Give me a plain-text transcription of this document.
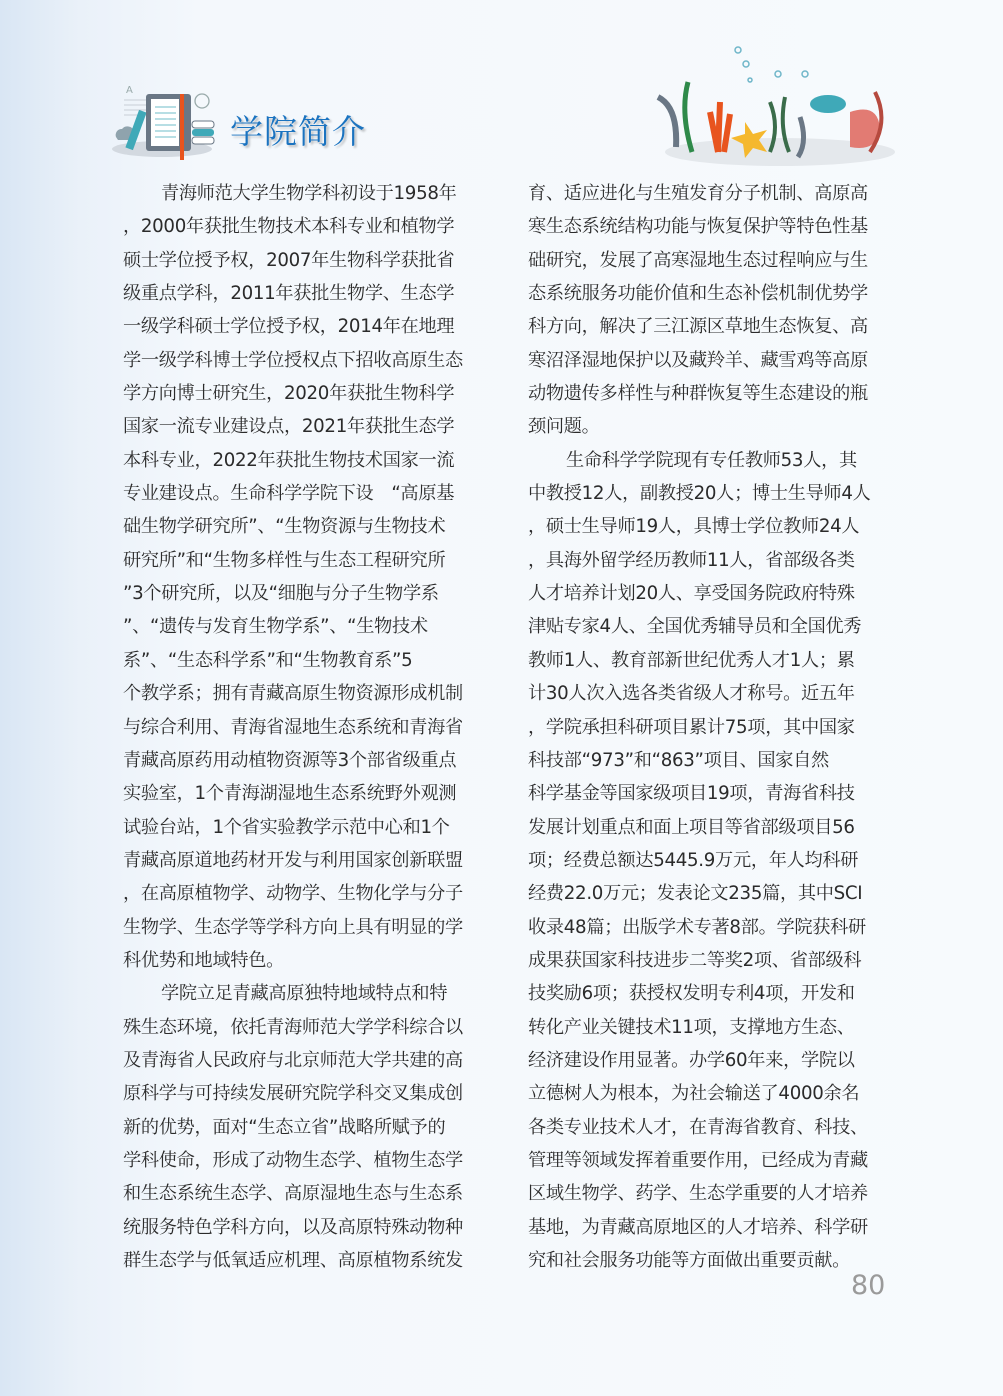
A
学院简介
青海师范大学生物学科初设于1958年
，2000年获批生物技术本科专业和植物学
硕士学位授予权，2007年生物科学获批省
级重点学科，2011年获批生物学、生态学
一级学科硕士学位授予权，2014年在地理
学一级学科博士学位授权点下招收高原生态
学方向博士研究生，2020年获批生物科学
国家一流专业建设点，2021年获批生态学
本科专业，2022年获批生物技术国家一流
专业建设点。生命科学学院下设　“高原基
础生物学研究所”、“生物资源与生物技术
研究所”和“生物多样性与生态工程研究所
”3个研究所，以及“细胞与分子生物学系
”、“遗传与发育生物学系”、“生物技术
系”、“生态科学系”和“生物教育系”5
个教学系；拥有青藏高原生物资源形成机制
与综合利用、青海省湿地生态系统和青海省
青藏高原药用动植物资源等3个部省级重点
实验室，1个青海湖湿地生态系统野外观测
试验台站，1个省实验教学示范中心和1个
青藏高原道地药材开发与利用国家创新联盟
，在高原植物学、动物学、生物化学与分子
生物学、生态学等学科方向上具有明显的学
科优势和地域特色。
学院立足青藏高原独特地域特点和特
殊生态环境，依托青海师范大学学科综合以
及青海省人民政府与北京师范大学共建的高
原科学与可持续发展研究院学科交叉集成创
新的优势，面对“生态立省”战略所赋予的
学科使命，形成了动物生态学、植物生态学
和生态系统生态学、高原湿地生态与生态系
统服务特色学科方向，以及高原特殊动物种
群生态学与低氧适应机理、高原植物系统发
育、适应进化与生殖发育分子机制、高原高
寒生态系统结构功能与恢复保护等特色性基
础研究，发展了高寒湿地生态过程响应与生
态系统服务功能价值和生态补偿机制优势学
科方向，解决了三江源区草地生态恢复、高
寒沼泽湿地保护以及藏羚羊、藏雪鸡等高原
动物遗传多样性与种群恢复等生态建设的瓶
颈问题。
生命科学学院现有专任教师53人，其
中教授12人，副教授20人；博士生导师4人
，硕士生导师19人，具博士学位教师24人
，具海外留学经历教师11人，省部级各类
人才培养计划20人、享受国务院政府特殊
津贴专家4人、全国优秀辅导员和全国优秀
教师1人、教育部新世纪优秀人才1人；累
计30人次入选各类省级人才称号。近五年
，学院承担科研项目累计75项，其中国家
科技部“973”和“863”项目、国家自然
科学基金等国家级项目19项，青海省科技
发展计划重点和面上项目等省部级项目56
项；经费总额达5445.9万元，年人均科研
经费22.0万元；发表论文235篇，其中SCI
收录48篇；出版学术专著8部。学院获科研
成果获国家科技进步二等奖2项、省部级科
技奖励6项；获授权发明专利4项，开发和
转化产业关键技术11项，支撑地方生态、
经济建设作用显著。办学60年来，学院以
立德树人为根本，为社会输送了4000余名
各类专业技术人才，在青海省教育、科技、
管理等领域发挥着重要作用，已经成为青藏
区域生物学、药学、生态学重要的人才培养
基地，为青藏高原地区的人才培养、科学研
究和社会服务功能等方面做出重要贡献。
80
